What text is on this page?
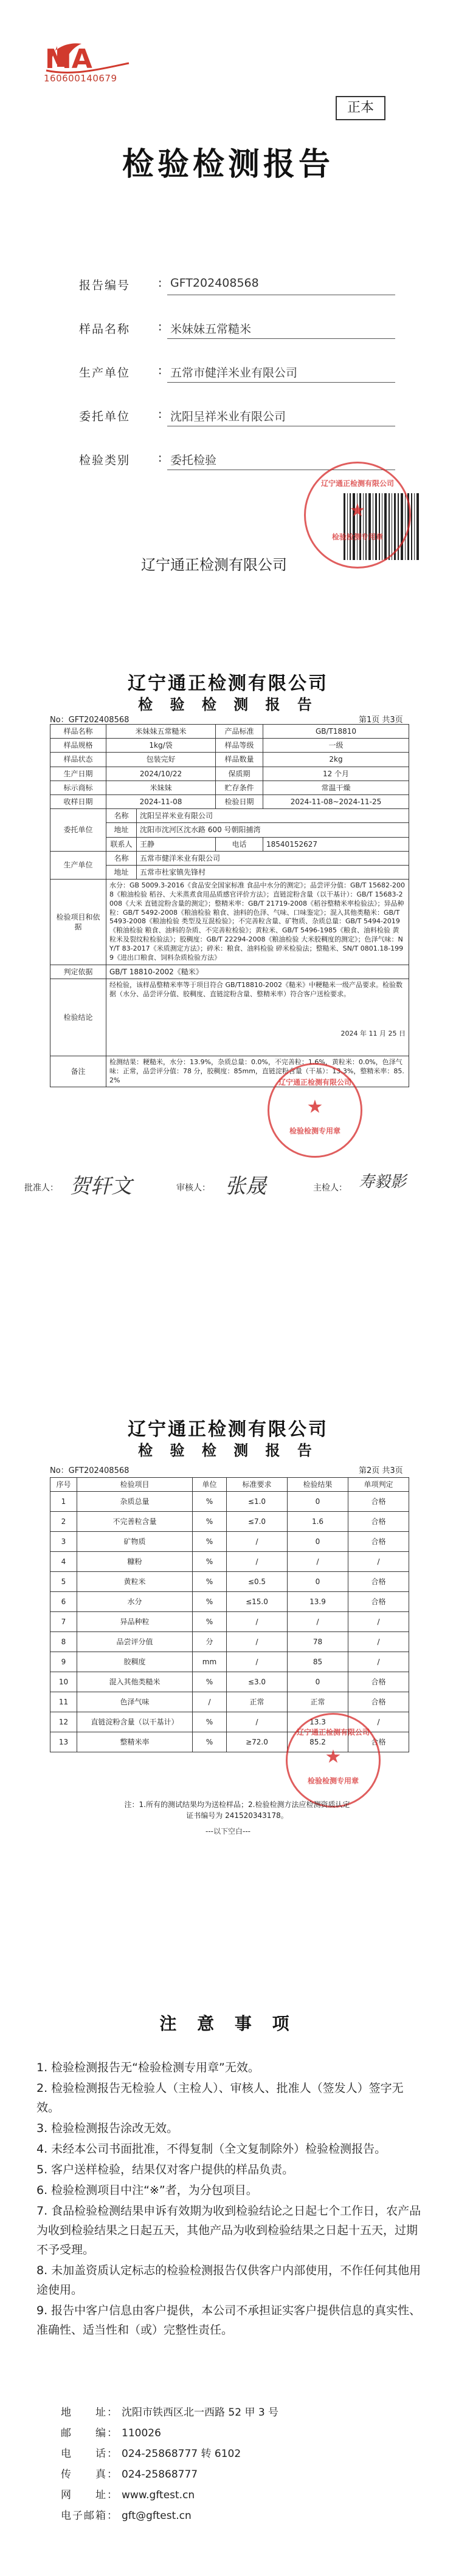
MA
160600140679
正本
检验检测报告
报告编号	: GFT202408568
样品名称	: 米妹妹五常糙米
生产单位	: 五常市健洋米业有限公司
委托单位	: 沈阳呈祥米业有限公司
检验类别	: 委托检验
辽宁通正检测有限公司
★
检验检测专用章
辽宁通正检测有限公司
辽宁通正检测有限公司
检 验 检 测 报 告
No：GFT202408568	第1页 共3页
样品名称	米妹妹五常糙米		产品标准	GB/T18810
样品规格	1kg/袋		样品等级	一级
样品状态	包装完好		样品数量	2kg
生产日期	2024/10/22		保质期	12 个月
标示商标	米妹妹		贮存条件	常温干燥
收样日期	2024-11-08		检验日期	2024-11-08~2024-11-25
委托单位	名称	沈阳呈祥米业有限公司		
	地址	沈阳市沈河区沈水路 600 号朝阳捕湾		
	联系人	王静	电话	18540152627
生产单位	名称	五常市健洋米业有限公司		
	地址	五常市杜家镇先锋村		
检验项目和依据	水分：GB 5009.3-2016《食品安全国家标准 食品中水分的测定》；品尝评分值：GB/T 15682-2008《粮油检验 稻谷、大米蒸煮食用品质感官评价方法》；直链淀粉含量（以干基计）：GB/T 15683-2008《大米 直链淀粉含量的测定》；整精米率：GB/T 21719-2008《稻谷整精米率检验法》；异品种粒：GB/T 5492-2008《粮油检验 粮食、油料的色泽、气味、口味鉴定》；混入其他类糙米：GB/T 5493-2008《粮油检验 类型及互混检验》；不完善粒含量、矿物质、杂质总量：GB/T 5494-2019《粮油检验 粮食、油料的杂质、不完善粒检验》；黄粒米、GB/T 5496-1985《粮食、油料检验 黄粒米及裂纹粒检验法》；胶稠度：GB/T 22294-2008《粮油检验 大米胶稠度的测定》；色泽气味：NY/T 83-2017《米质测定方法》；碎米：粮食、油料检验 碎米检验法；整糙米、SN/T 0801.18-1999《进出口粮食、饲料杂质检验方法》			
判定依据	GB/T 18810-2002《糙米》			
检验结论	经检验，该样品整精米率等于项目符合 GB/T18810-2002《糙米》中粳糙米一级产品要求。检验数据（水分、品尝评分值、胶稠度、直链淀粉含量、整精米率）符合客户送检要求。
2024 年 11 月 25 日			

备注	检测结果：粳糙米，水分：13.9%，杂质总量：0.0%，不完善粒：1.6%，黄粒米：0.0%，色泽气味：正常，品尝评分值：78 分，胶稠度：85mm，直链淀粉含量（干基）：13.3%，整精米率：85.2%				辽宁通正检测有限公司
★
检验检测专用章
批准人： 贺轩文	审核人： 张晟	主检人： 寿毅影
辽宁通正检测有限公司
检 验 检 测 报 告
No：GFT202408568	第2页 共3页
序号	检验项目	单位	标准要求	检验结果	单项判定
1	杂质总量	%	≤1.0	0	合格
2	不完善粒含量	%	≤7.0	1.6	合格
3	矿物质	%	/	0	合格
4	糠粉	%	/	/	/
5	黄粒米	%	≤0.5	0	合格
6	水分	%	≤15.0	13.9	合格
7	异品种粒	%	/	/	/
8	品尝评分值	分	/	78	/
9	胶稠度	mm	/	85	/
10	混入其他类糙米	%	≤3.0	0	合格
11	色泽气味	/	正常	正常	合格
12	直链淀粉含量（以干基计）	%	/	13.3	/
13	整精米率	%	≥72.0	85.2	合格
辽宁通正检测有限公司
★
检验检测专用章
注：1.所有的测试结果均为送检样品；2.检验检测方法应检测资质认定证书编号为 241520343178。
---以下空白---
注 意 事 项
1. 检验检测报告无“检验检测专用章”无效。
2. 检验检测报告无检验人（主检人）、审核人、批准人（签发人）签字无效。
3. 检验检测报告涂改无效。
4. 未经本公司书面批准，不得复制（全文复制除外）检验检测报告。
5. 客户送样检验，结果仅对客户提供的样品负责。
6. 检验检测项目中注“※”者，为分包项目。
7. 食品检验检测结果申诉有效期为收到检验结论之日起七个工作日，农产品为收到检验结果之日起五天，其他产品为收到检验结果之日起十五天，过期不予受理。
8. 未加盖资质认定标志的检验检测报告仅供客户内部使用，不作任何其他用途使用。
9. 报告中客户信息由客户提供，本公司不承担证实客户提供信息的真实性、准确性、适当性和（或）完整性责任。
地　　址： 沈阳市铁西区北一西路 52 甲 3 号
邮　　编： 110026
电　　话： 024-25868777 转 6102
传　　真： 024-25868777
网　　址： www.gftest.cn
电子邮箱： gft@gftest.cn
